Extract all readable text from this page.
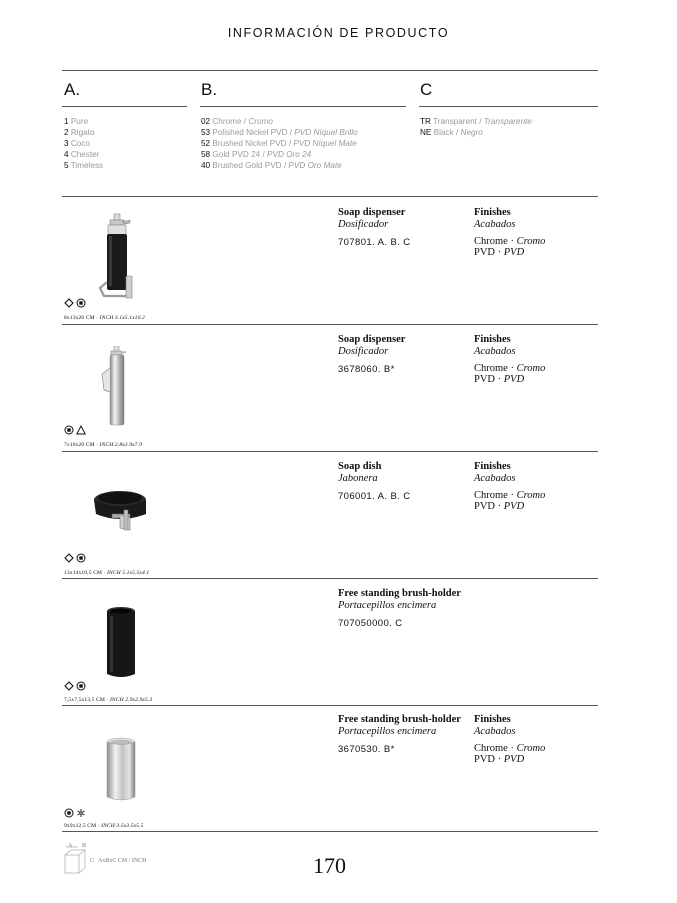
INFORMACIÓN DE PRODUCTO
A.
1 Pure
2 Rigato
3 Coco
4 Chester
5 Timeless
B.
02 Chrome / Cromo
53 Polished Nickel PVD / PVD Níquel Brillo
52 Brushed Nickel PVD / PVD Níquel Mate
58 Gold PVD 24 / PVD Oro 24
40 Brushed Gold PVD / PVD Oro Mate
C
TR Transparent / Transparente
NE Black / Negro
8x13x26 CM · INCH 3.1x5.1x10.2
Soap dispenser
Dosificador
707801. A. B. C
Finishes
Acabados
Chrome · Cromo
PVD · PVD
7x10x20 CM · INCH 2.8x3.9x7.9
Soap dispenser
Dosificador
3678060. B*
Finishes
Acabados
Chrome · Cromo
PVD · PVD
13x14x10,5 CM · INCH 5.1x5.5x4.1
Soap dish
Jabonera
706001. A. B. C
Finishes
Acabados
Chrome · Cromo
PVD · PVD
7,5x7,5x13,5 CM · INCH 2.9x2.9x5.3
Free standing brush-holder
Portacepillos encimera
707050000. C
9x9x12,5 CM · INCH 3.5x3.5x5.5
Free standing brush-holder
Portacepillos encimera
3670530. B*
Finishes
Acabados
Chrome · Cromo
PVD · PVD
A B
C AxBxC CM / INCH	170
